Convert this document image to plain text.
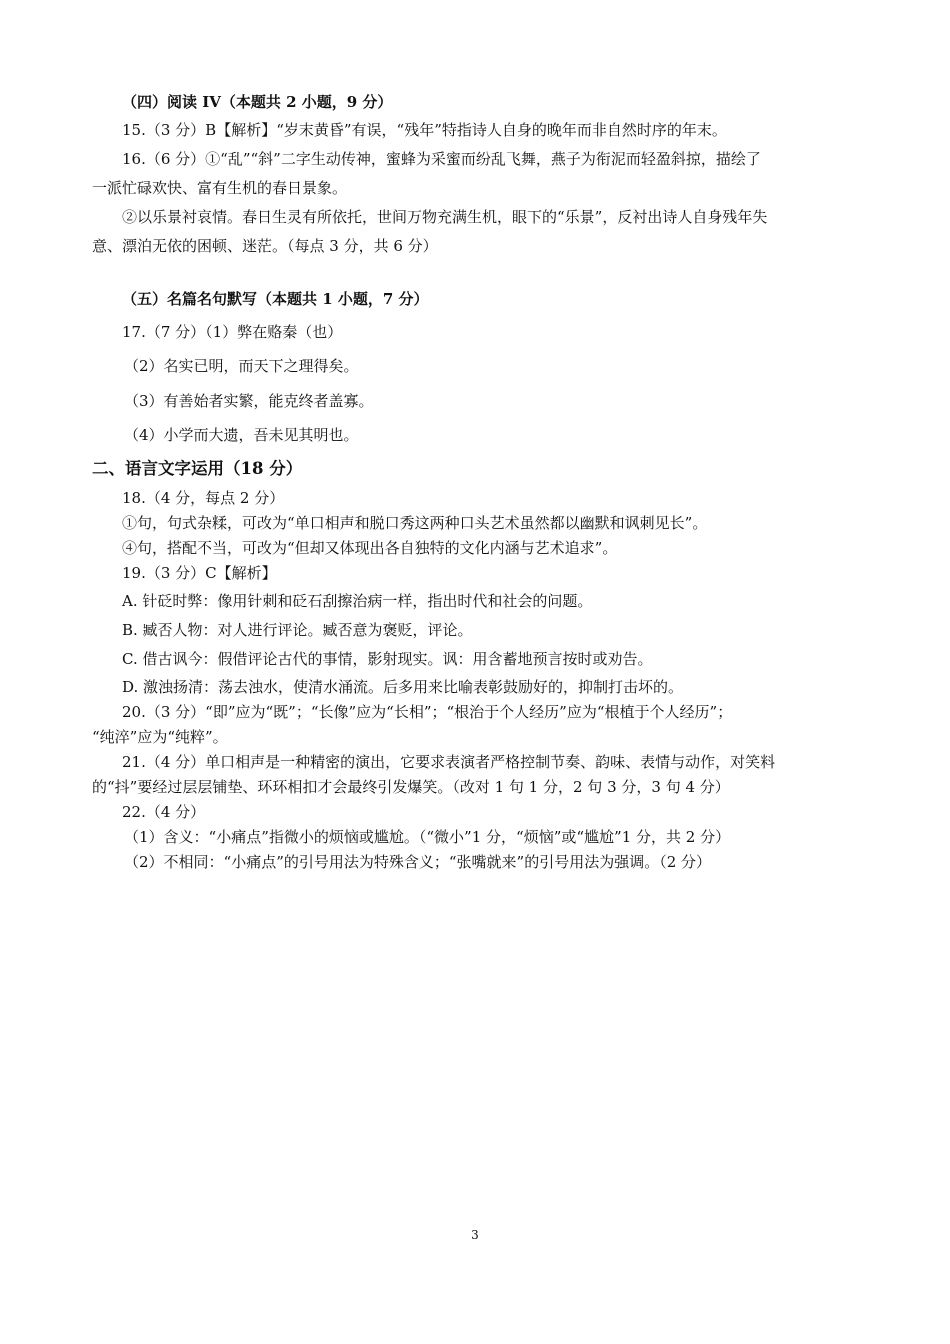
（四）阅读 IV（本题共 2 小题，9 分）
15.（3 分）B【解析】“岁末黄昏”有误，“残年”特指诗人自身的晚年而非自然时序的年末。
16.（6 分）①“乱”“斜”二字生动传神，蜜蜂为采蜜而纷乱飞舞，燕子为衔泥而轻盈斜掠，描绘了
一派忙碌欢快、富有生机的春日景象。
②以乐景衬哀情。春日生灵有所依托，世间万物充满生机，眼下的“乐景”，反衬出诗人自身残年失
意、漂泊无依的困顿、迷茫。（每点 3 分，共 6 分）
（五）名篇名句默写（本题共 1 小题，7 分）
17.（7 分）（1）弊在赂秦（也）
（2）名实已明，而天下之理得矣。
（3）有善始者实繁，能克终者盖寡。
（4）小学而大遗，吾未见其明也。
二、语言文字运用（18 分）
18.（4 分，每点 2 分）
①句，句式杂糅，可改为“单口相声和脱口秀这两种口头艺术虽然都以幽默和讽刺见长”。
④句，搭配不当，可改为“但却又体现出各自独特的文化内涵与艺术追求”。
19.（3 分）C【解析】
A. 针砭时弊：像用针刺和砭石刮擦治病一样，指出时代和社会的问题。
B. 臧否人物：对人进行评论。臧否意为褒贬，评论。
C. 借古讽今：假借评论古代的事情，影射现实。讽：用含蓄地预言按时或劝告。
D. 激浊扬清：荡去浊水，使清水涌流。后多用来比喻表彰鼓励好的，抑制打击坏的。
20.（3 分）“即”应为“既”；“长像”应为“长相”；“根治于个人经历”应为“根植于个人经历”；
“纯淬”应为“纯粹”。
21.（4 分）单口相声是一种精密的演出，它要求表演者严格控制节奏、韵味、表情与动作，对笑料
的“抖”要经过层层铺垫、环环相扣才会最终引发爆笑。（改对 1 句 1 分，2 句 3 分，3 句 4 分）
22.（4 分）
（1）含义：“小痛点”指微小的烦恼或尴尬。（“微小”1 分，“烦恼”或“尴尬”1 分，共 2 分）
（2）不相同：“小痛点”的引号用法为特殊含义；“张嘴就来”的引号用法为强调。（2 分）
3
